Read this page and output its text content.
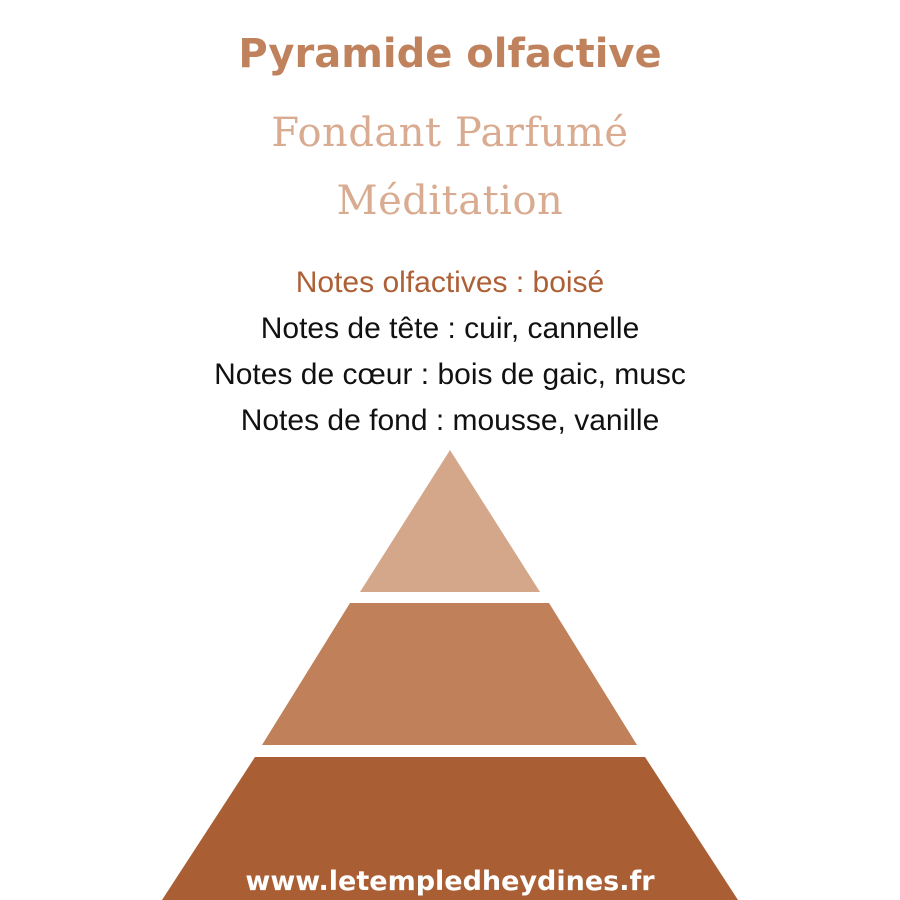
Pyramide olfactive
Fondant Parfumé
Méditation
Notes olfactives : boisé
Notes de tête : cuir, cannelle
Notes de cœur : bois de gaic, musc
Notes de fond : mousse, vanille
www.letempledheydines.fr
